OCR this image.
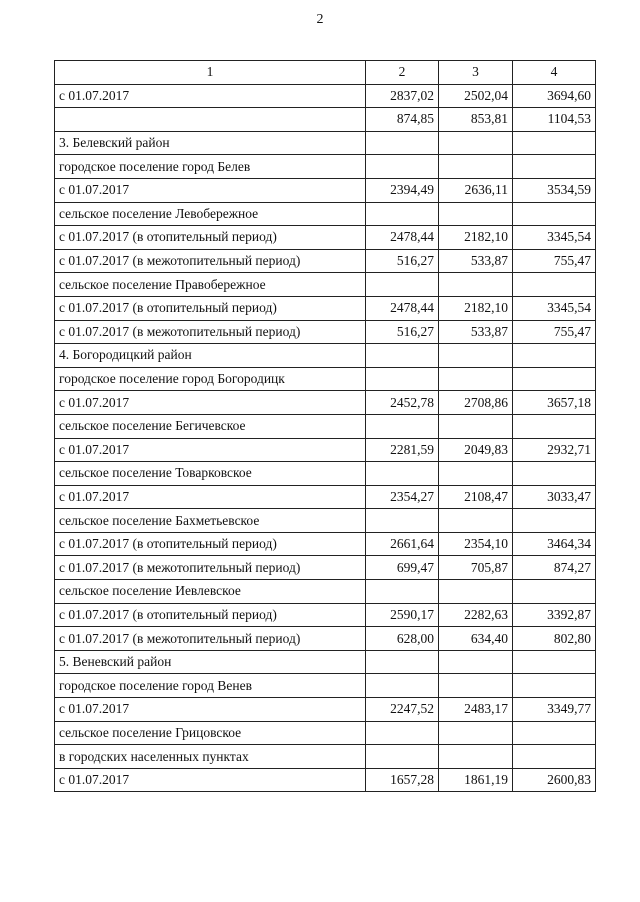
2
1	2	3	4
с 01.07.2017	2837,02	2502,04	3694,60
	874,85	853,81	1104,53
3. Белевский район			
городское поселение город Белев			
с 01.07.2017	2394,49	2636,11	3534,59
сельское поселение Левобережное			
с 01.07.2017 (в отопительный период)	2478,44	2182,10	3345,54
с 01.07.2017 (в межотопительный период)	516,27	533,87	755,47
сельское поселение Правобережное			
с 01.07.2017 (в отопительный период)	2478,44	2182,10	3345,54
с 01.07.2017 (в межотопительный период)	516,27	533,87	755,47
4. Богородицкий район			
городское поселение город Богородицк			
с 01.07.2017	2452,78	2708,86	3657,18
сельское поселение Бегичевское			
с 01.07.2017	2281,59	2049,83	2932,71
сельское поселение Товарковское			
с 01.07.2017	2354,27	2108,47	3033,47
сельское поселение Бахметьевское			
с 01.07.2017 (в отопительный период)	2661,64	2354,10	3464,34
с 01.07.2017 (в межотопительный период)	699,47	705,87	874,27
сельское поселение Иевлевское			
с 01.07.2017 (в отопительный период)	2590,17	2282,63	3392,87
с 01.07.2017 (в межотопительный период)	628,00	634,40	802,80
5. Веневский район			
городское поселение город Венев			
с 01.07.2017	2247,52	2483,17	3349,77
сельское поселение Грицовское			
в городских населенных пунктах			
с 01.07.2017	1657,28	1861,19	2600,83
